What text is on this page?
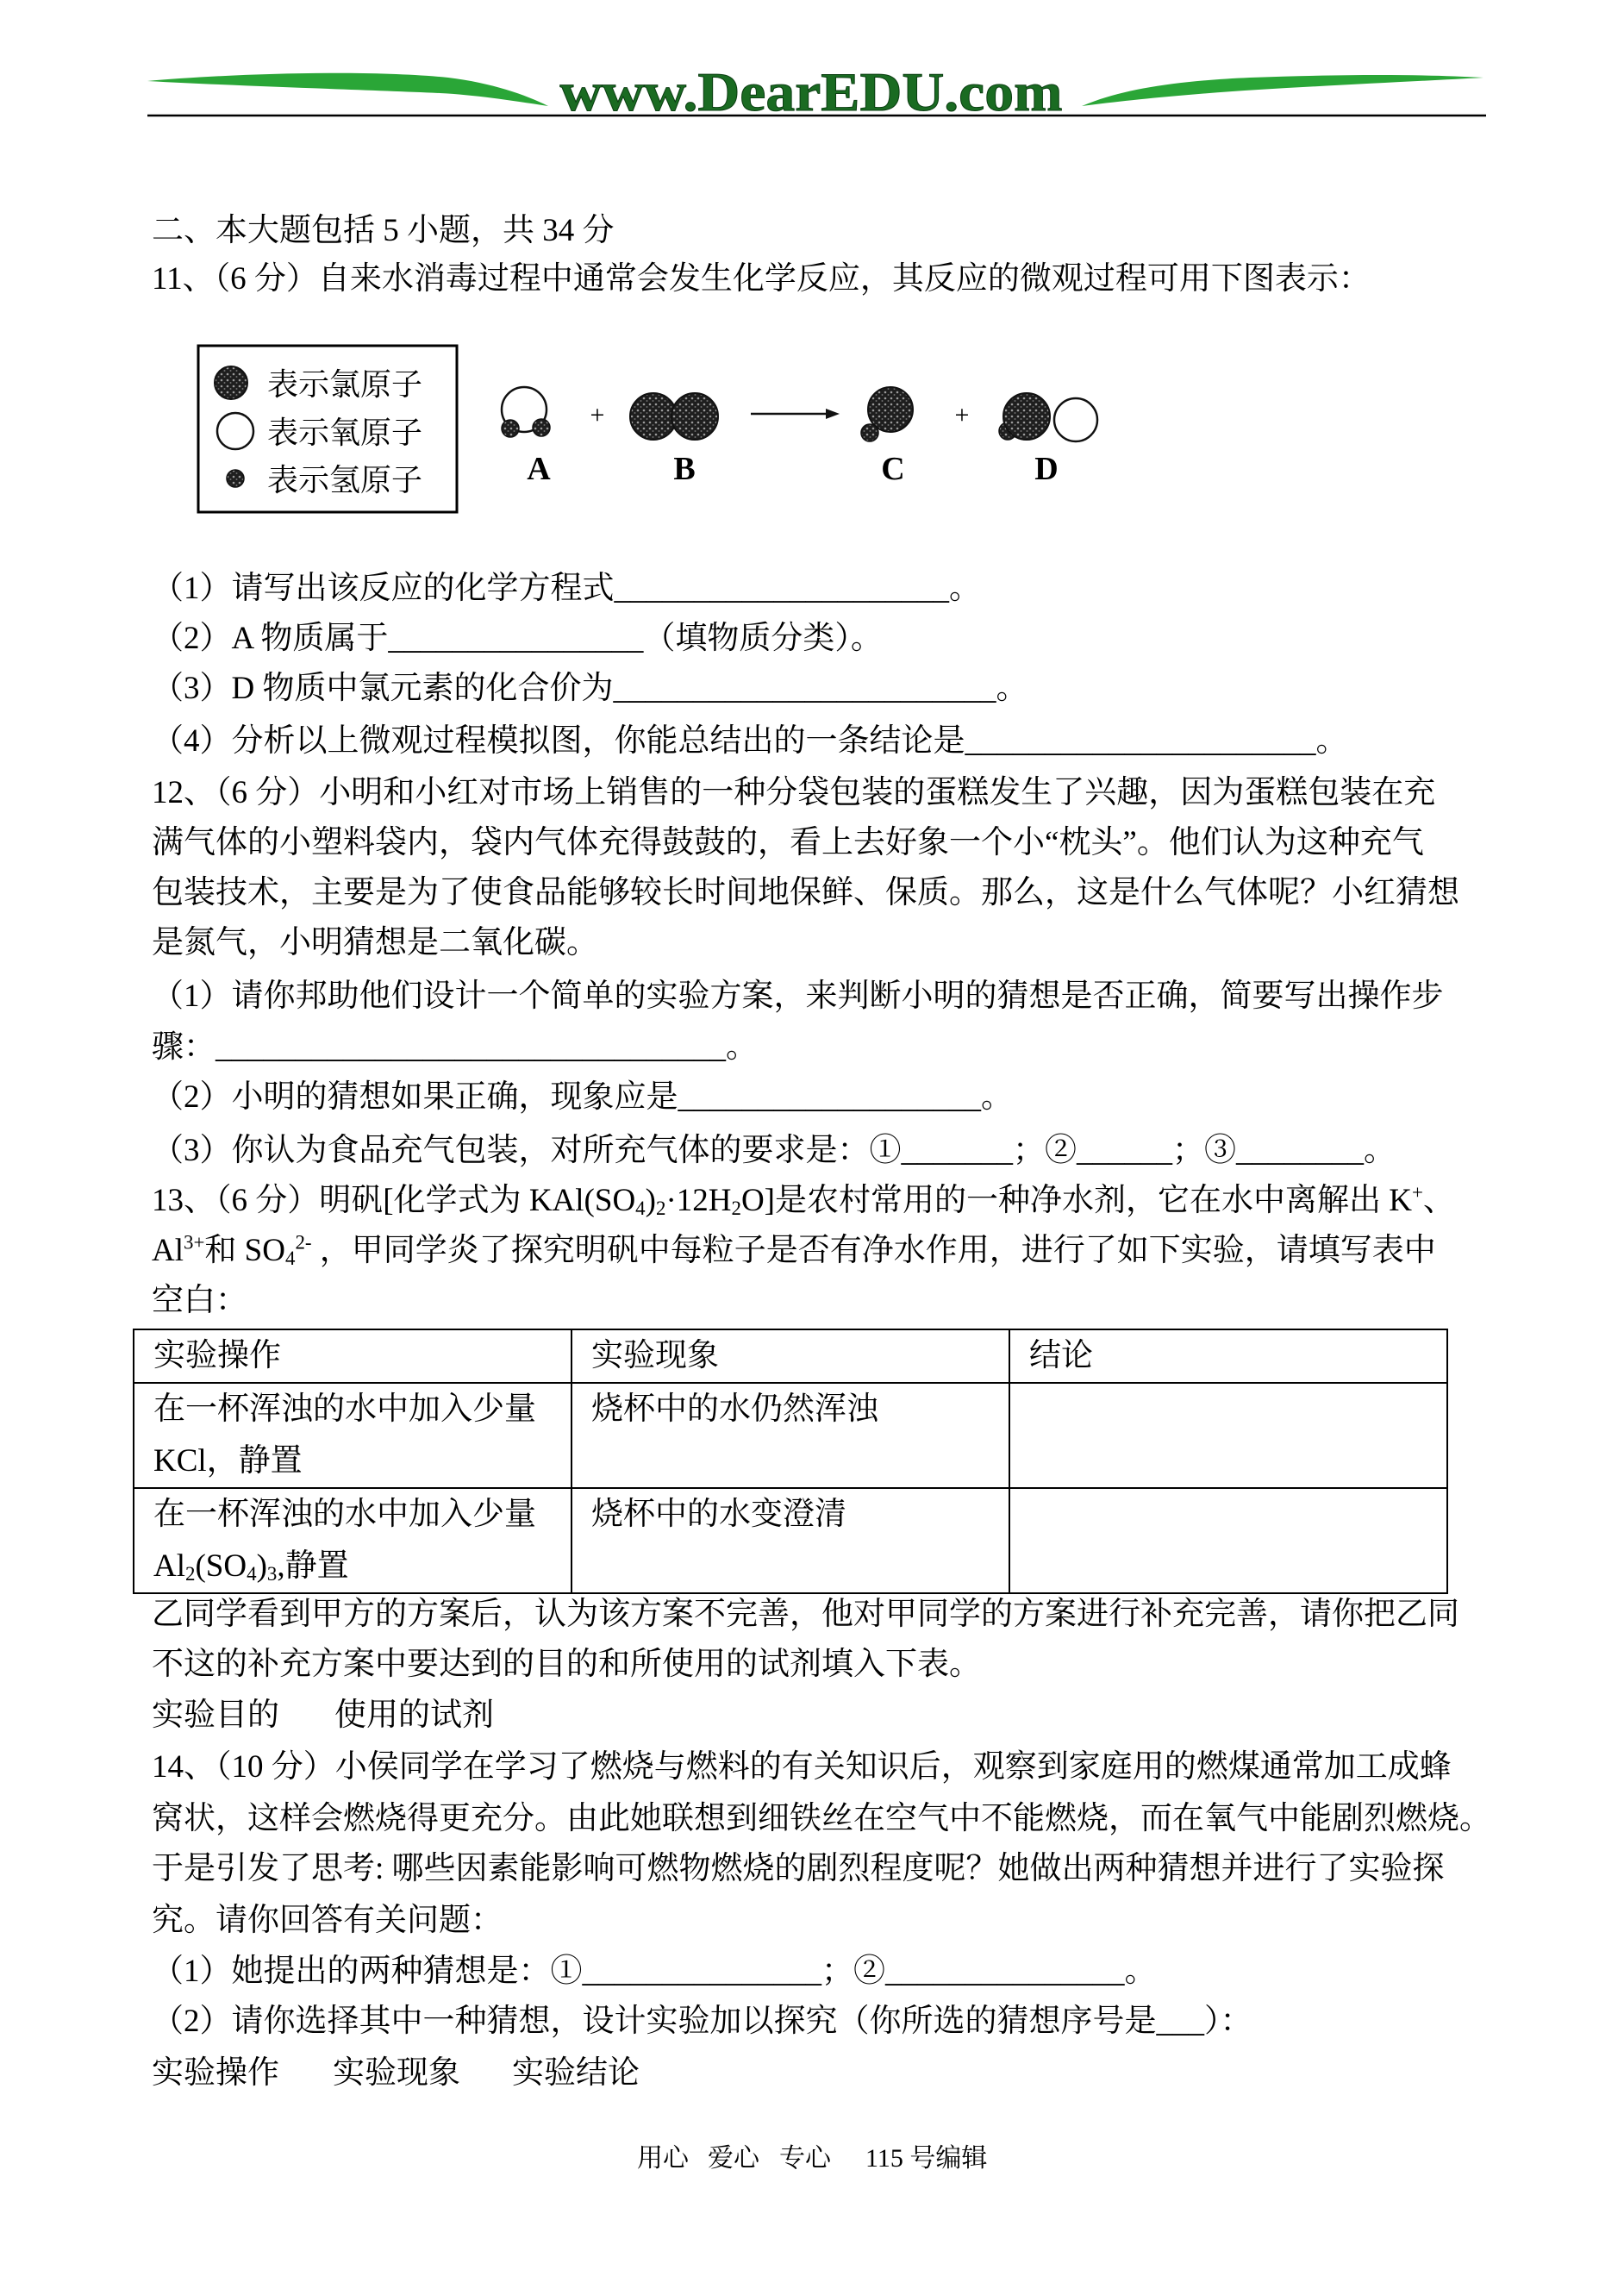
www.DearEDU.com
二、本大题包括 5 小题，共 34 分
11、（6 分）自来水消毒过程中通常会发生化学反应，其反应的微观过程可用下图表示：
表示氯原子
表示氧原子
表示氢原子	A
+
B	C
+
D
（1）请写出该反应的化学方程式_____________________。
（2）A 物质属于________________（填物质分类）。
（3）D 物质中氯元素的化合价为________________________。
（4）分析以上微观过程模拟图，你能总结出的一条结论是______________________。
12、（6 分）小明和小红对市场上销售的一种分袋包装的蛋糕发生了兴趣，因为蛋糕包装在充
满气体的小塑料袋内，袋内气体充得鼓鼓的，看上去好象一个小“枕头”。他们认为这种充气
包装技术，主要是为了使食品能够较长时间地保鲜、保质。那么，这是什么气体呢？小红猜想
是氮气，小明猜想是二氧化碳。
（1）请你邦助他们设计一个简单的实验方案，来判断小明的猜想是否正确，简要写出操作步
骤：________________________________。
（2）小明的猜想如果正确，现象应是___________________。
（3）你认为食品充气包装，对所充气体的要求是：①_______；②______；③________。
13、（6 分）明矾[化学式为 $KAl(SO_4)_2\cdot 12H_2O$]是农村常用的一种净水剂，它在水中离解出 K+、
$Al^{3+}$和 $SO_4^{2-}$ ，甲同学炎了探究明矾中每粒子是否有净水作用，进行了如下实验，请填写表中
空白：
实验操作	实验现象	结论

在一杯浑浊的水中加入少量
KCl，静置	烧杯中的水仍然浑浊	

在一杯浑浊的水中加入少量
$Al_2(SO_4)_3$,静置	烧杯中的水变澄清	

乙同学看到甲方的方案后，认为该方案不完善，他对甲同学的方案进行补充完善，请你把乙同
不这的补充方案中要达到的目的和所使用的试剂填入下表。
实验目的 使用的试剂
14、（10 分）小侯同学在学习了燃烧与燃料的有关知识后，观察到家庭用的燃煤通常加工成蜂
窝状，这样会燃烧得更充分。由此她联想到细铁丝在空气中不能燃烧，而在氧气中能剧烈燃烧。
于是引发了思考: 哪些因素能影响可燃物燃烧的剧烈程度呢？她做出两种猜想并进行了实验探
究。请你回答有关问题：
（1）她提出的两种猜想是：①_______________；②_______________。
（2）请你选择其中一种猜想，设计实验加以探究（你所选的猜想序号是___）：
实验操作 实验现象 实验结论
用心 爱心 专心 115 号编辑
